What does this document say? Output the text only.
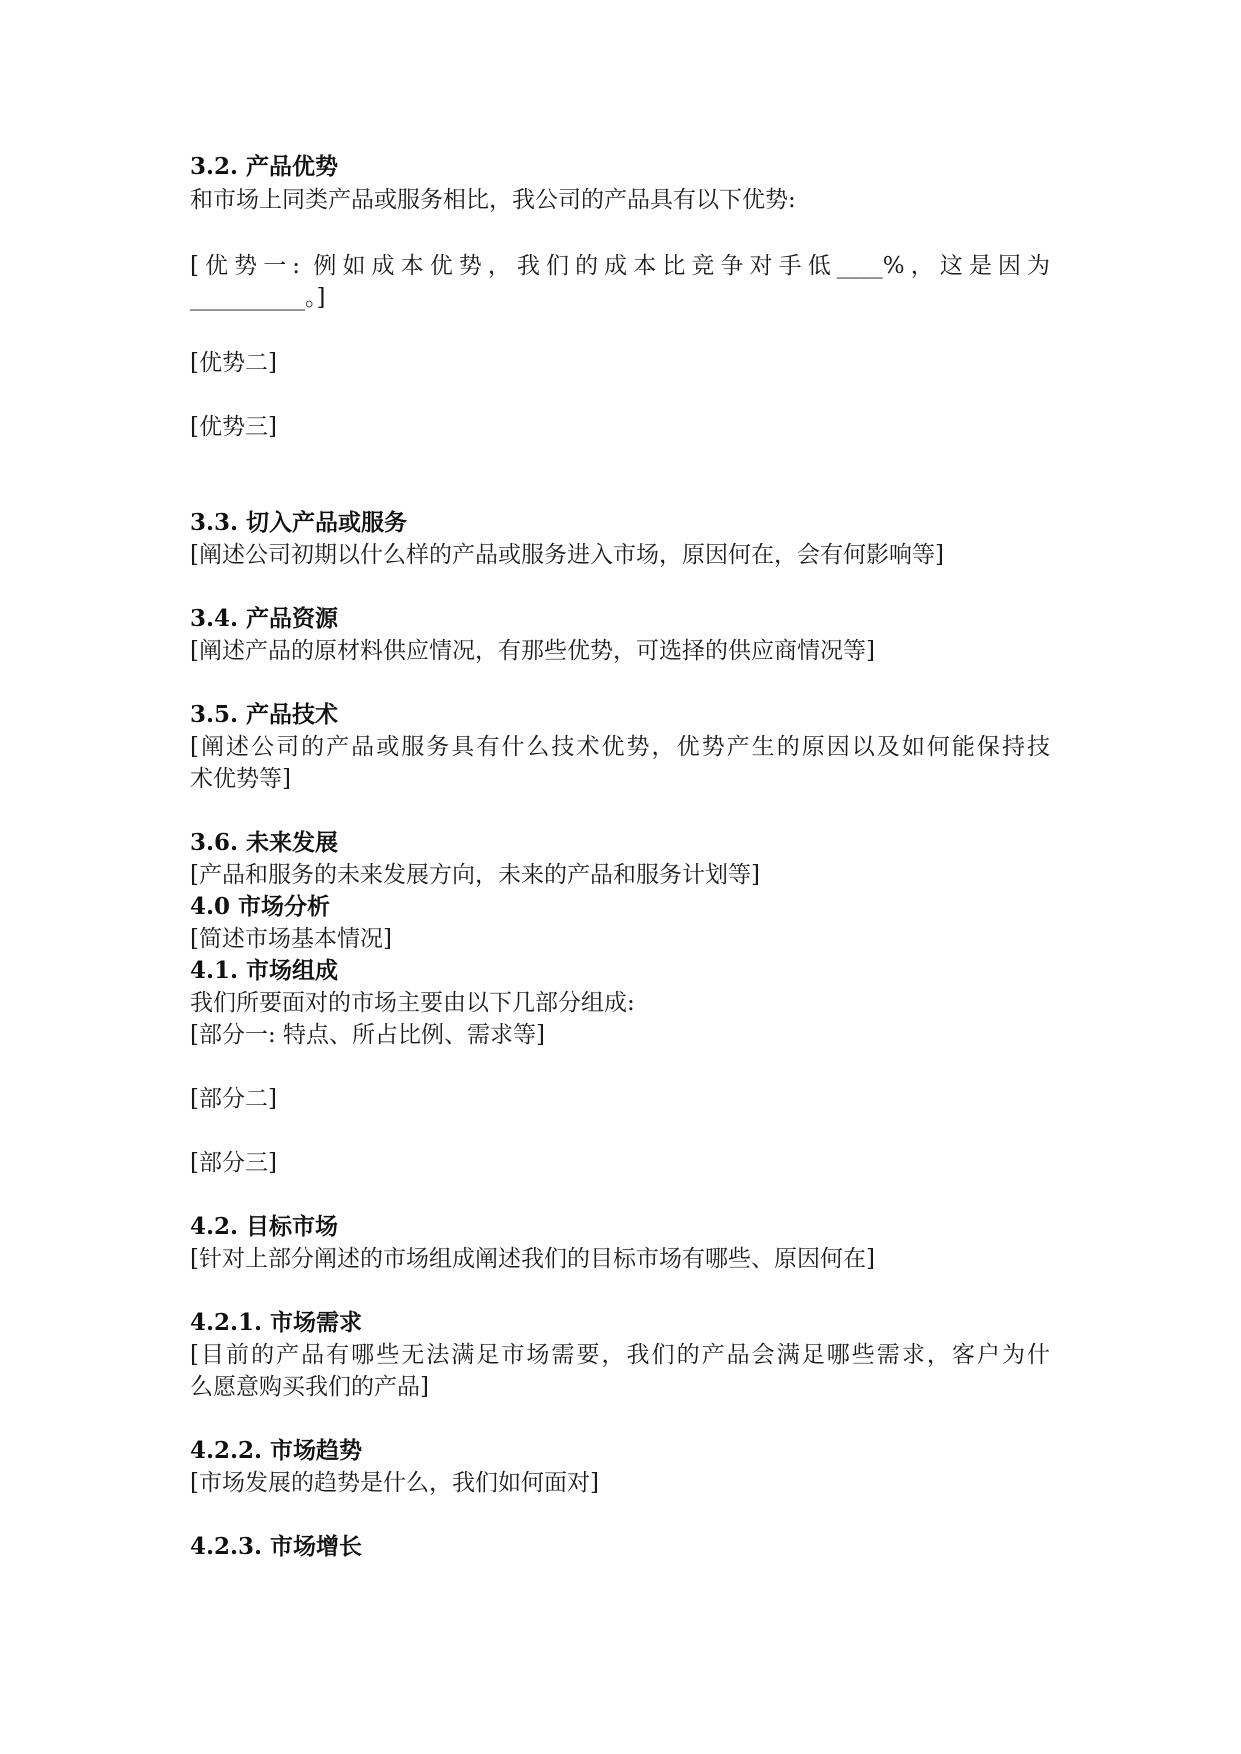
3.2. 产品优势
和市场上同类产品或服务相比，我公司的产品具有以下优势:
[优势一: 例如成本优势，我们的成本比竞争对手低____%，这是因为
__________。]
[优势二]
[优势三]
3.3. 切入产品或服务
[阐述公司初期以什么样的产品或服务进入市场，原因何在，会有何影响等]
3.4. 产品资源
[阐述产品的原材料供应情况，有那些优势，可选择的供应商情况等]
3.5. 产品技术
[阐述公司的产品或服务具有什么技术优势，优势产生的原因以及如何能保持技
术优势等]
3.6. 未来发展
[产品和服务的未来发展方向，未来的产品和服务计划等]
4.0 市场分析
[简述市场基本情况]
4.1. 市场组成
我们所要面对的市场主要由以下几部分组成:
[部分一: 特点、所占比例、需求等]
[部分二]
[部分三]
4.2. 目标市场
[针对上部分阐述的市场组成阐述我们的目标市场有哪些、原因何在]
4.2.1. 市场需求
[目前的产品有哪些无法满足市场需要，我们的产品会满足哪些需求，客户为什
么愿意购买我们的产品]
4.2.2. 市场趋势
[市场发展的趋势是什么，我们如何面对]
4.2.3. 市场增长
